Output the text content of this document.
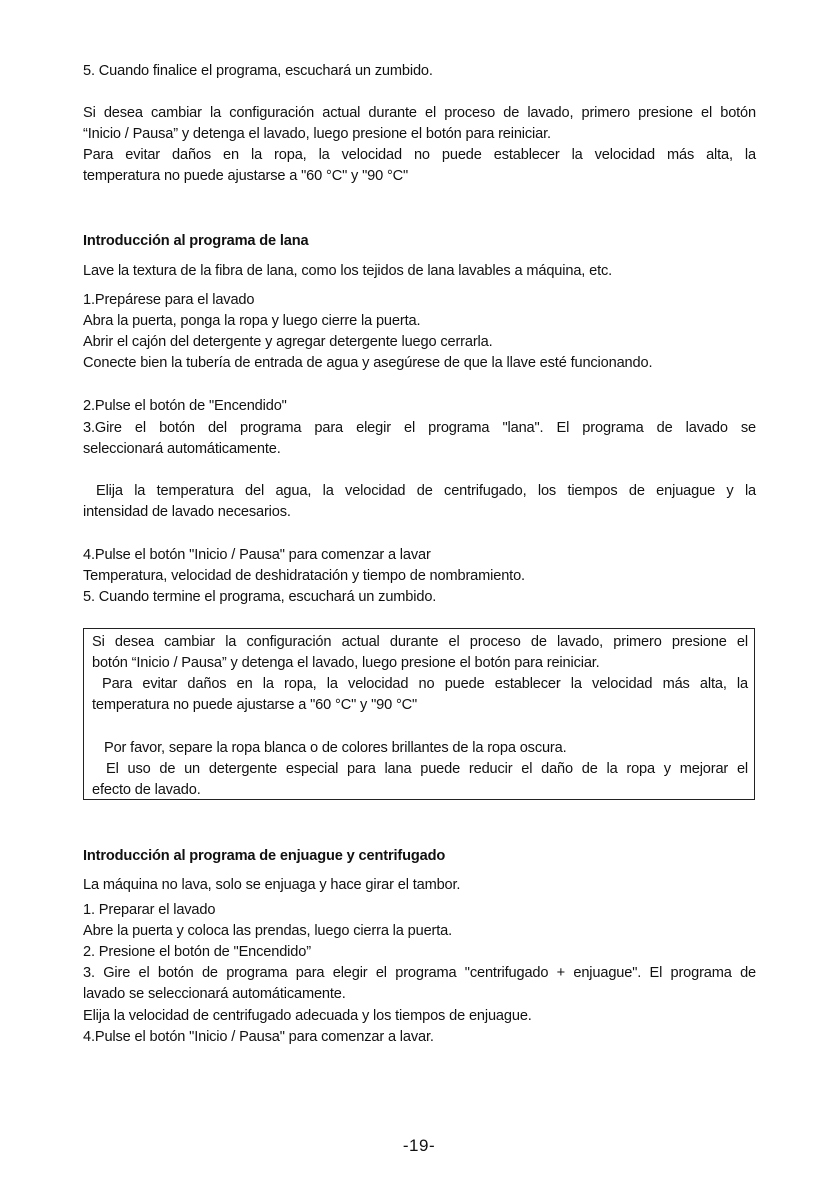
5. Cuando finalice el programa, escuchará un zumbido.
Si desea cambiar la configuración actual durante el proceso de lavado, primero presione el botón
“Inicio / Pausa” y detenga el lavado, luego presione el botón para reiniciar.
Para evitar daños en la ropa, la velocidad no puede establecer la velocidad más alta, la
temperatura no puede ajustarse a "60 °C" y "90 °C"
Introducción al programa de lana
Lave la textura de la fibra de lana, como los tejidos de lana lavables a máquina, etc.
1.Prepárese para el lavado
Abra la puerta, ponga la ropa y luego cierre la puerta.
Abrir el cajón del detergente y agregar detergente luego cerrarla.
Conecte bien la tubería de entrada de agua y asegúrese de que la llave esté funcionando.
2.Pulse el botón de "Encendido"
3.Gire el botón del programa para elegir el programa "lana". El programa de lavado se
seleccionará automáticamente.
Elija la temperatura del agua, la velocidad de centrifugado, los tiempos de enjuague y la
intensidad de lavado necesarios.
4.Pulse el botón "Inicio / Pausa" para comenzar a lavar
Temperatura, velocidad de deshidratación y tiempo de nombramiento.
5. Cuando termine el programa, escuchará un zumbido.
Introducción al programa de enjuague y centrifugado
La máquina no lava, solo se enjuaga y hace girar el tambor.
1. Preparar el lavado
Abre la puerta y coloca las prendas, luego cierra la puerta.
2. Presione el botón de "Encendido”
3. Gire el botón de programa para elegir el programa "centrifugado + enjuague". El programa de
lavado se seleccionará automáticamente.
Elija la velocidad de centrifugado adecuada y los tiempos de enjuague.
4.Pulse el botón "Inicio / Pausa" para comenzar a lavar.
Si desea cambiar la configuración actual durante el proceso de lavado, primero presione el
botón “Inicio / Pausa” y detenga el lavado, luego presione el botón para reiniciar.
Para evitar daños en la ropa, la velocidad no puede establecer la velocidad más alta, la
temperatura no puede ajustarse a "60 °C" y "90 °C"
Por favor, separe la ropa blanca o de colores brillantes de la ropa oscura.
El uso de un detergente especial para lana puede reducir el daño de la ropa y mejorar el
efecto de lavado.
-19-
